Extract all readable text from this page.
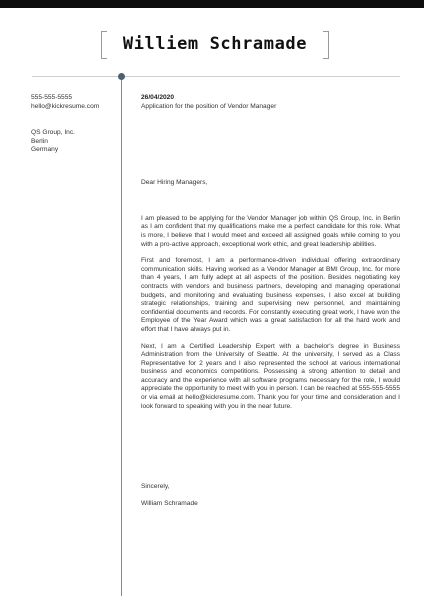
Williem Schramade
555-555-5555
hello@kickresume.com
QS Group, Inc.
Berlin
Germany
26/04/2020
Application for the position of Vendor Manager
Dear Hiring Managers,

I am pleased to be applying for the Vendor Manager job within QS Group, Inc. in Berlin as I am confident that my qualifications make me a perfect candidate for this role. What is more, I believe that I would meet and exceed all assigned goals while coming to you with a pro-active approach, exceptional work ethic, and great leadership abilities.

First and foremost, I am a performance-driven individual offering extraordinary communication skills. Having worked as a Vendor Manager at BMI Group, Inc. for more than 4 years, I am fully adept at all aspects of the position. Besides negotiating key contracts with vendors and business partners, developing and managing operational budgets, and monitoring and evaluating business expenses, I also excel at building strategic relationships, training and supervising new personnel, and maintaining confidential documents and records. For constantly executing great work, I have won the Employee of the Year Award which was a great satisfaction for all the hard work and effort that I have always put in.

Next, I am a Certified Leadership Expert with a bachelor's degree in Business Administration from the University of Seattle. At the university, I served as a Class Representative for 2 years and I also represented the school at various international business and economics competitions. Possessing a strong attention to detail and accuracy and the experience with all software programs necessary for the role, I would appreciate the opportunity to meet with you in person. I can be reached at 555-555-5555 or via email at hello@kickresume.com. Thank you for your time and consideration and I look forward to speaking with you in the near future.

Sincerely,
William Schramade
